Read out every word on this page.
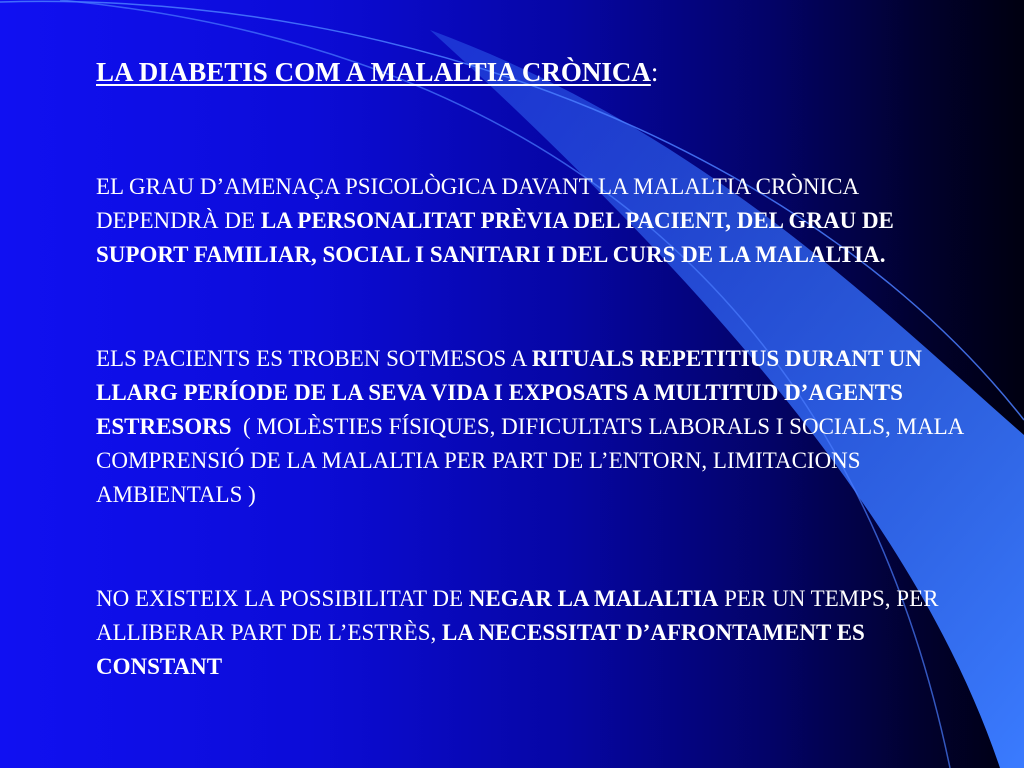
LA DIABETIS COM A MALALTIA CRÒNICA:

EL GRAU D’AMENAÇA PSICOLÒGICA DAVANT LA MALALTIA CRÒNICA DEPENDRÀ DE LA PERSONALITAT PRÈVIA DEL PACIENT, DEL GRAU DE SUPORT FAMILIAR, SOCIAL I SANITARI I DEL CURS DE LA MALALTIA.

ELS PACIENTS ES TROBEN SOTMESOS A RITUALS REPETITIUS DURANT UN LLARG PERÍODE DE LA SEVA VIDA I EXPOSATS A MULTITUD D’AGENTS ESTRESORS  ( MOLÈSTIES FÍSIQUES, DIFICULTATS LABORALS I SOCIALS, MALA COMPRENSIÓ DE LA MALALTIA PER PART DE L’ENTORN, LIMITACIONS AMBIENTALS )

NO EXISTEIX LA POSSIBILITAT DE NEGAR LA MALALTIA PER UN TEMPS, PER ALLIBERAR PART DE L’ESTRÈS, LA NECESSITAT D’AFRONTAMENT ES CONSTANT
